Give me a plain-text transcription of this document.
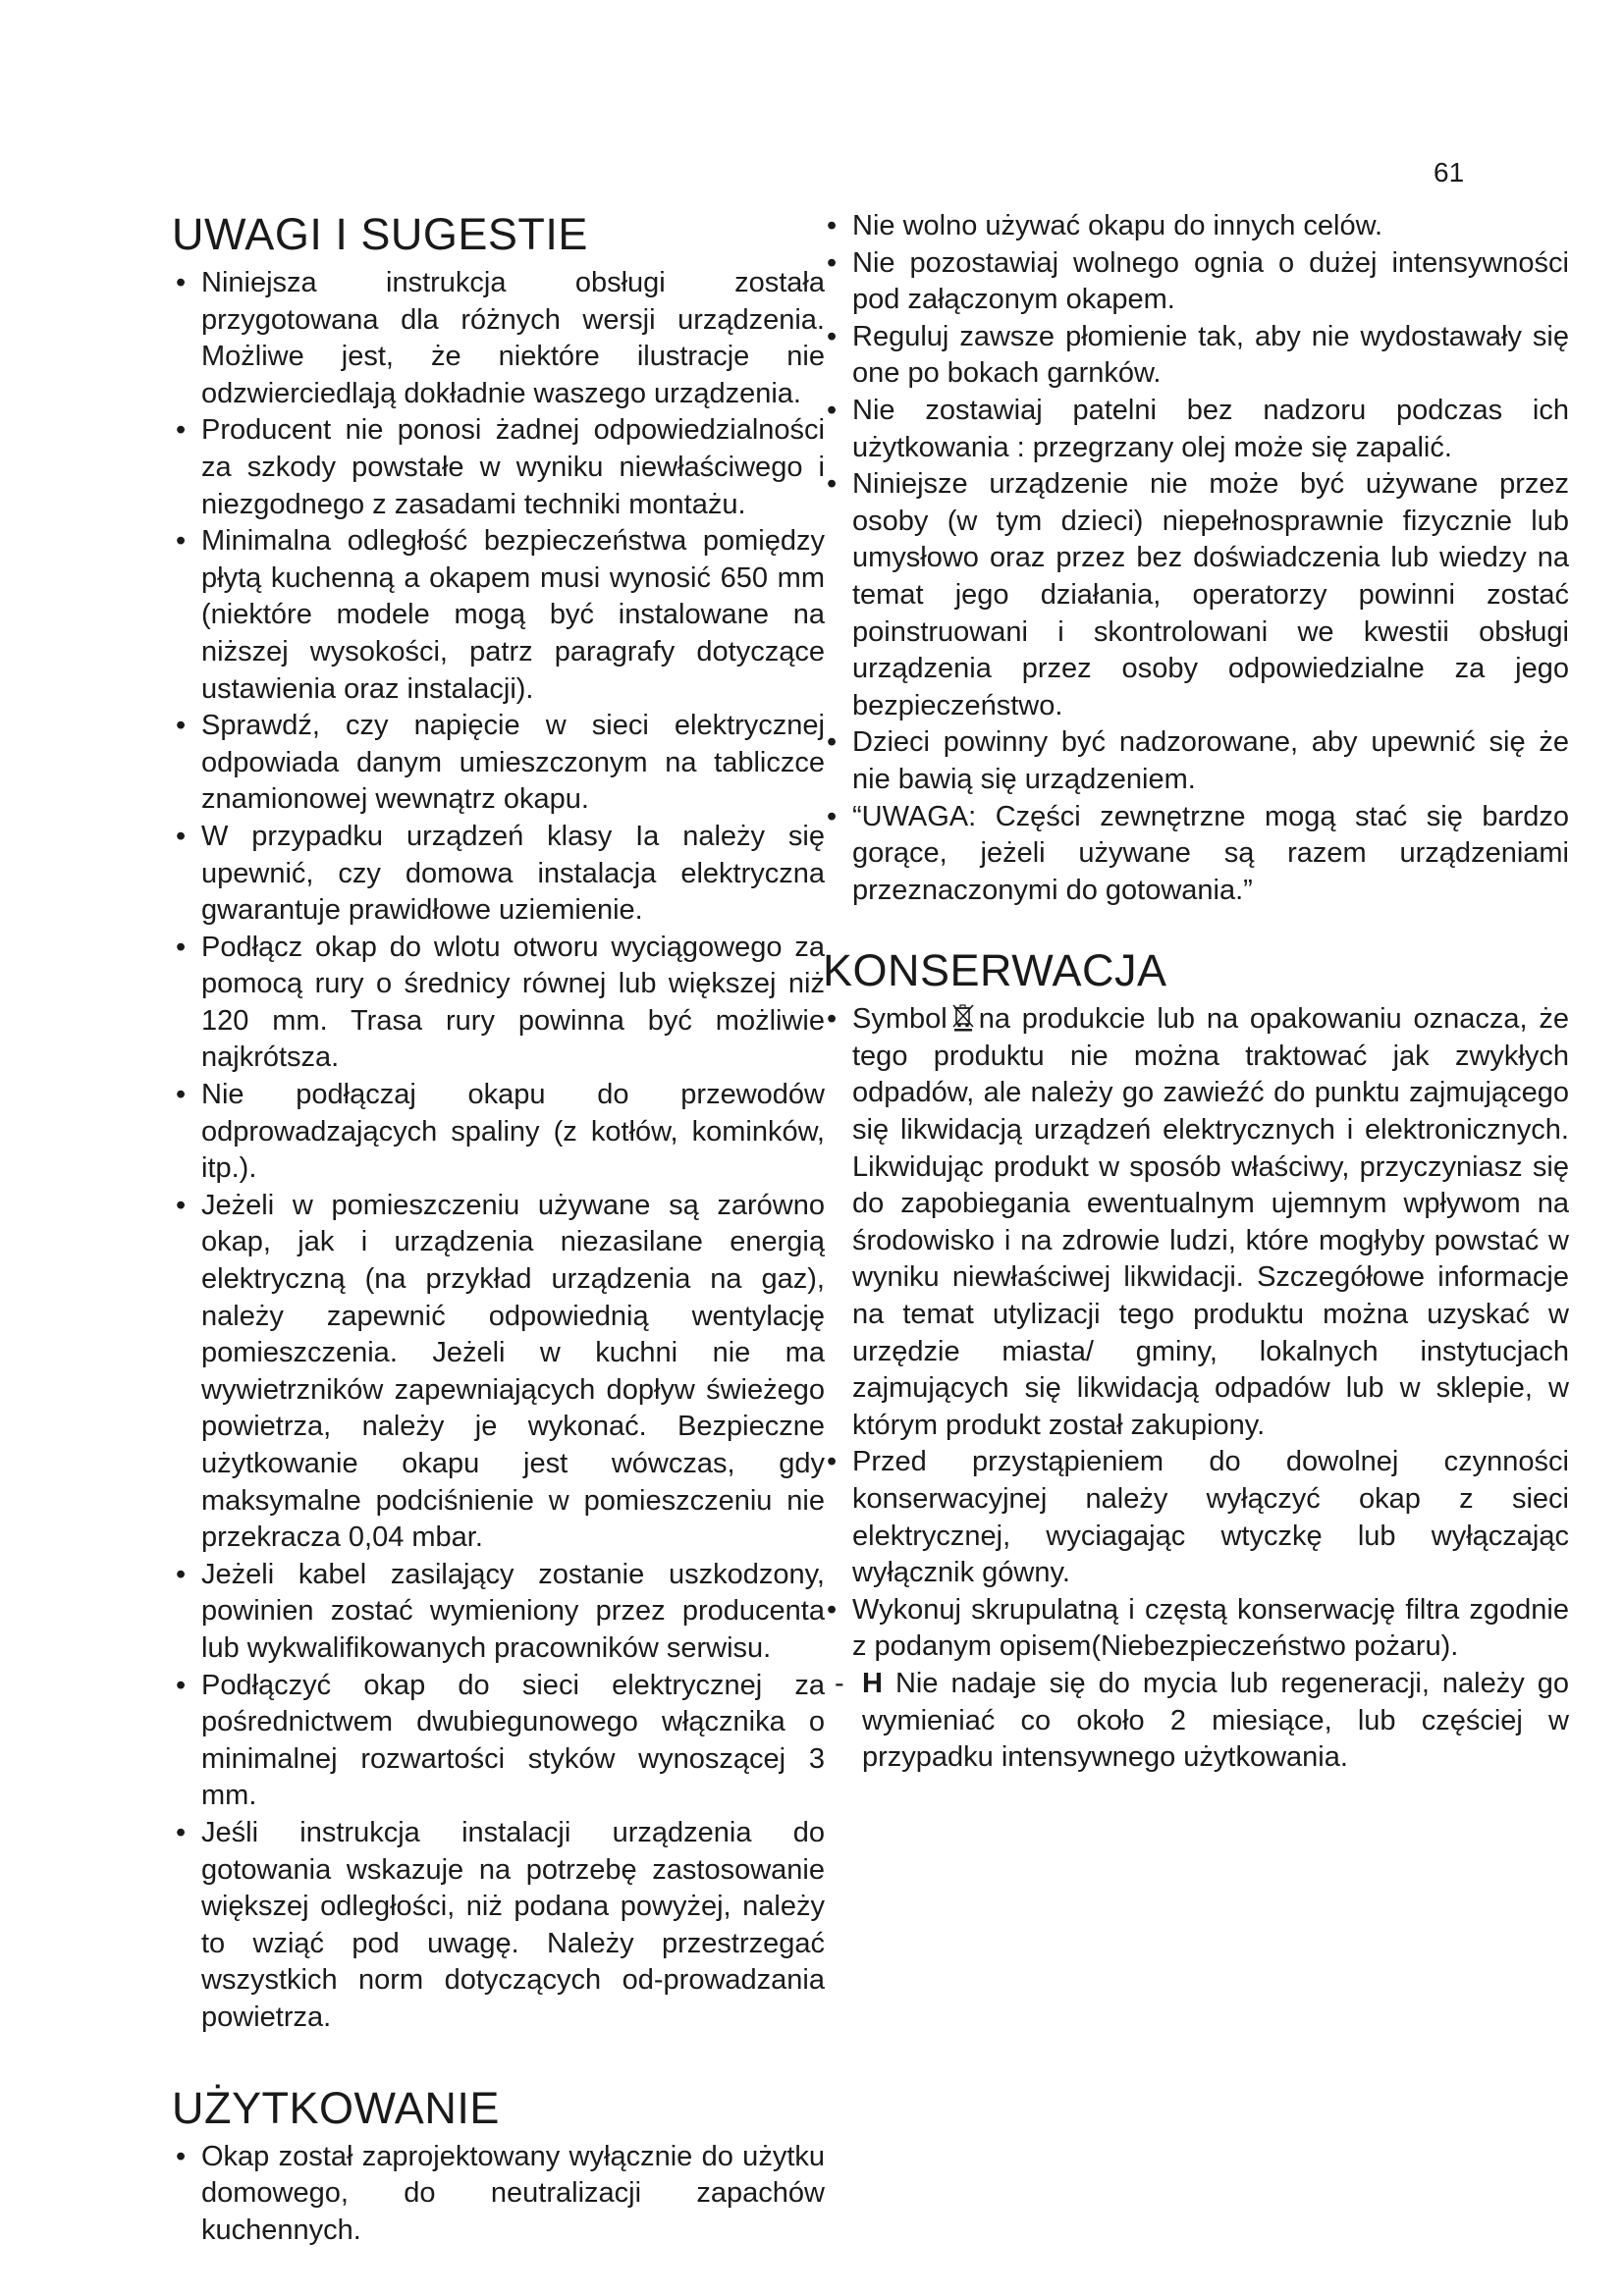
61
UWAGI I SUGESTIE
• Niniejsza instrukcja obsługi została przygotowana dla różnych wersji urządzenia. Możliwe jest, że niektóre ilustracje nie odzwierciedlają dokładnie waszego urządzenia.
• Producent nie ponosi żadnej odpowiedzialności za szkody powstałe w wyniku niewłaściwego i niezgodnego z zasadami techniki montażu.
• Minimalna odległość bezpieczeństwa pomiędzy płytą kuchenną a okapem musi wynosić 650 mm (niektóre modele mogą być instalowane na niższej wysokości, patrz paragrafy dotyczące ustawienia oraz instalacji).
• Sprawdź, czy napięcie w sieci elektrycznej odpowiada danym umieszczonym na tabliczce znamionowej wewnątrz okapu.
• W przypadku urządzeń klasy Ia należy się upewnić, czy domowa instalacja elektryczna gwarantuje prawidłowe uziemienie.
• Podłącz okap do wlotu otworu wyciągowego za pomocą rury o średnicy równej lub większej niż 120 mm. Trasa rury powinna być możliwie najkrótsza.
• Nie podłączaj okapu do przewodów odprowadzających spaliny (z kotłów, kominków, itp.).
• Jeżeli w pomieszczeniu używane są zarówno okap, jak i urządzenia niezasilane energią elektryczną (na przykład urządzenia na gaz), należy zapewnić odpowiednią wentylację pomieszczenia. Jeżeli w kuchni nie ma wywietrzników zapewniających dopływ świeżego powietrza, należy je wykonać. Bezpieczne użytkowanie okapu jest wówczas, gdy maksymalne podciśnienie w pomieszczeniu nie przekracza 0,04 mbar.
• Jeżeli kabel zasilający zostanie uszkodzony, powinien zostać wymieniony przez producenta lub wykwalifikowanych pracowników serwisu.
• Podłączyć okap do sieci elektrycznej za pośrednictwem dwubiegunowego włącznika o minimalnej rozwartości styków wynoszącej 3 mm.
• Jeśli instrukcja instalacji urządzenia do gotowania wskazuje na potrzebę zastosowanie większej odległości, niż podana powyżej, należy to wziąć pod uwagę. Należy przestrzegać wszystkich norm dotyczących od-prowadzania powietrza.
UŻYTKOWANIE
• Okap został zaprojektowany wyłącznie do użytku domowego, do neutralizacji zapachów kuchennych.
• Nie wolno używać okapu do innych celów.
• Nie pozostawiaj wolnego ognia o dużej intensywności pod załączonym okapem.
• Reguluj zawsze płomienie tak, aby nie wydostawały się one po bokach garnków.
• Nie zostawiaj patelni bez nadzoru podczas ich użytkowania : przegrzany olej może się zapalić.
• Niniejsze urządzenie nie może być używane przez osoby (w tym dzieci) niepełnosprawnie fizycznie lub umysłowo oraz przez bez doświadczenia lub wiedzy na temat jego działania, operatorzy powinni zostać poinstruowani i skontrolowani we kwestii obsługi urządzenia przez osoby odpowiedzialne za jego bezpieczeństwo.
• Dzieci powinny być nadzorowane, aby upewnić się że nie bawią się urządzeniem.
• “UWAGA: Części zewnętrzne mogą stać się bardzo gorące, jeżeli używane są razem urządzeniami przeznaczonymi do gotowania.”
KONSERWACJA
• Symbol na produkcie lub na opakowaniu oznacza, że tego produktu nie można traktować jak zwykłych odpadów, ale należy go zawieźć do punktu zajmującego się likwidacją urządzeń elektrycznych i elektronicznych. Likwidując produkt w sposób właściwy, przyczyniasz się do zapobiegania ewentualnym ujemnym wpływom na środowisko i na zdrowie ludzi, które mogłyby powstać w wyniku niewłaściwej likwidacji. Szczegółowe informacje na temat utylizacji tego produktu można uzyskać w urzędzie miasta/ gminy, lokalnych instytucjach zajmujących się likwidacją odpadów lub w sklepie, w którym produkt został zakupiony.
• Przed przystąpieniem do dowolnej czynności konserwacyjnej należy wyłączyć okap z sieci elektrycznej, wyciagając wtyczkę lub wyłączając wyłącznik gówny.
• Wykonuj skrupulatną i częstą konserwację filtra zgodnie z podanym opisem(Niebezpieczeństwo pożaru).
- H Nie nadaje się do mycia lub regeneracji, należy go wymieniać co około 2 miesiące, lub częściej w przypadku intensywnego użytkowania.
